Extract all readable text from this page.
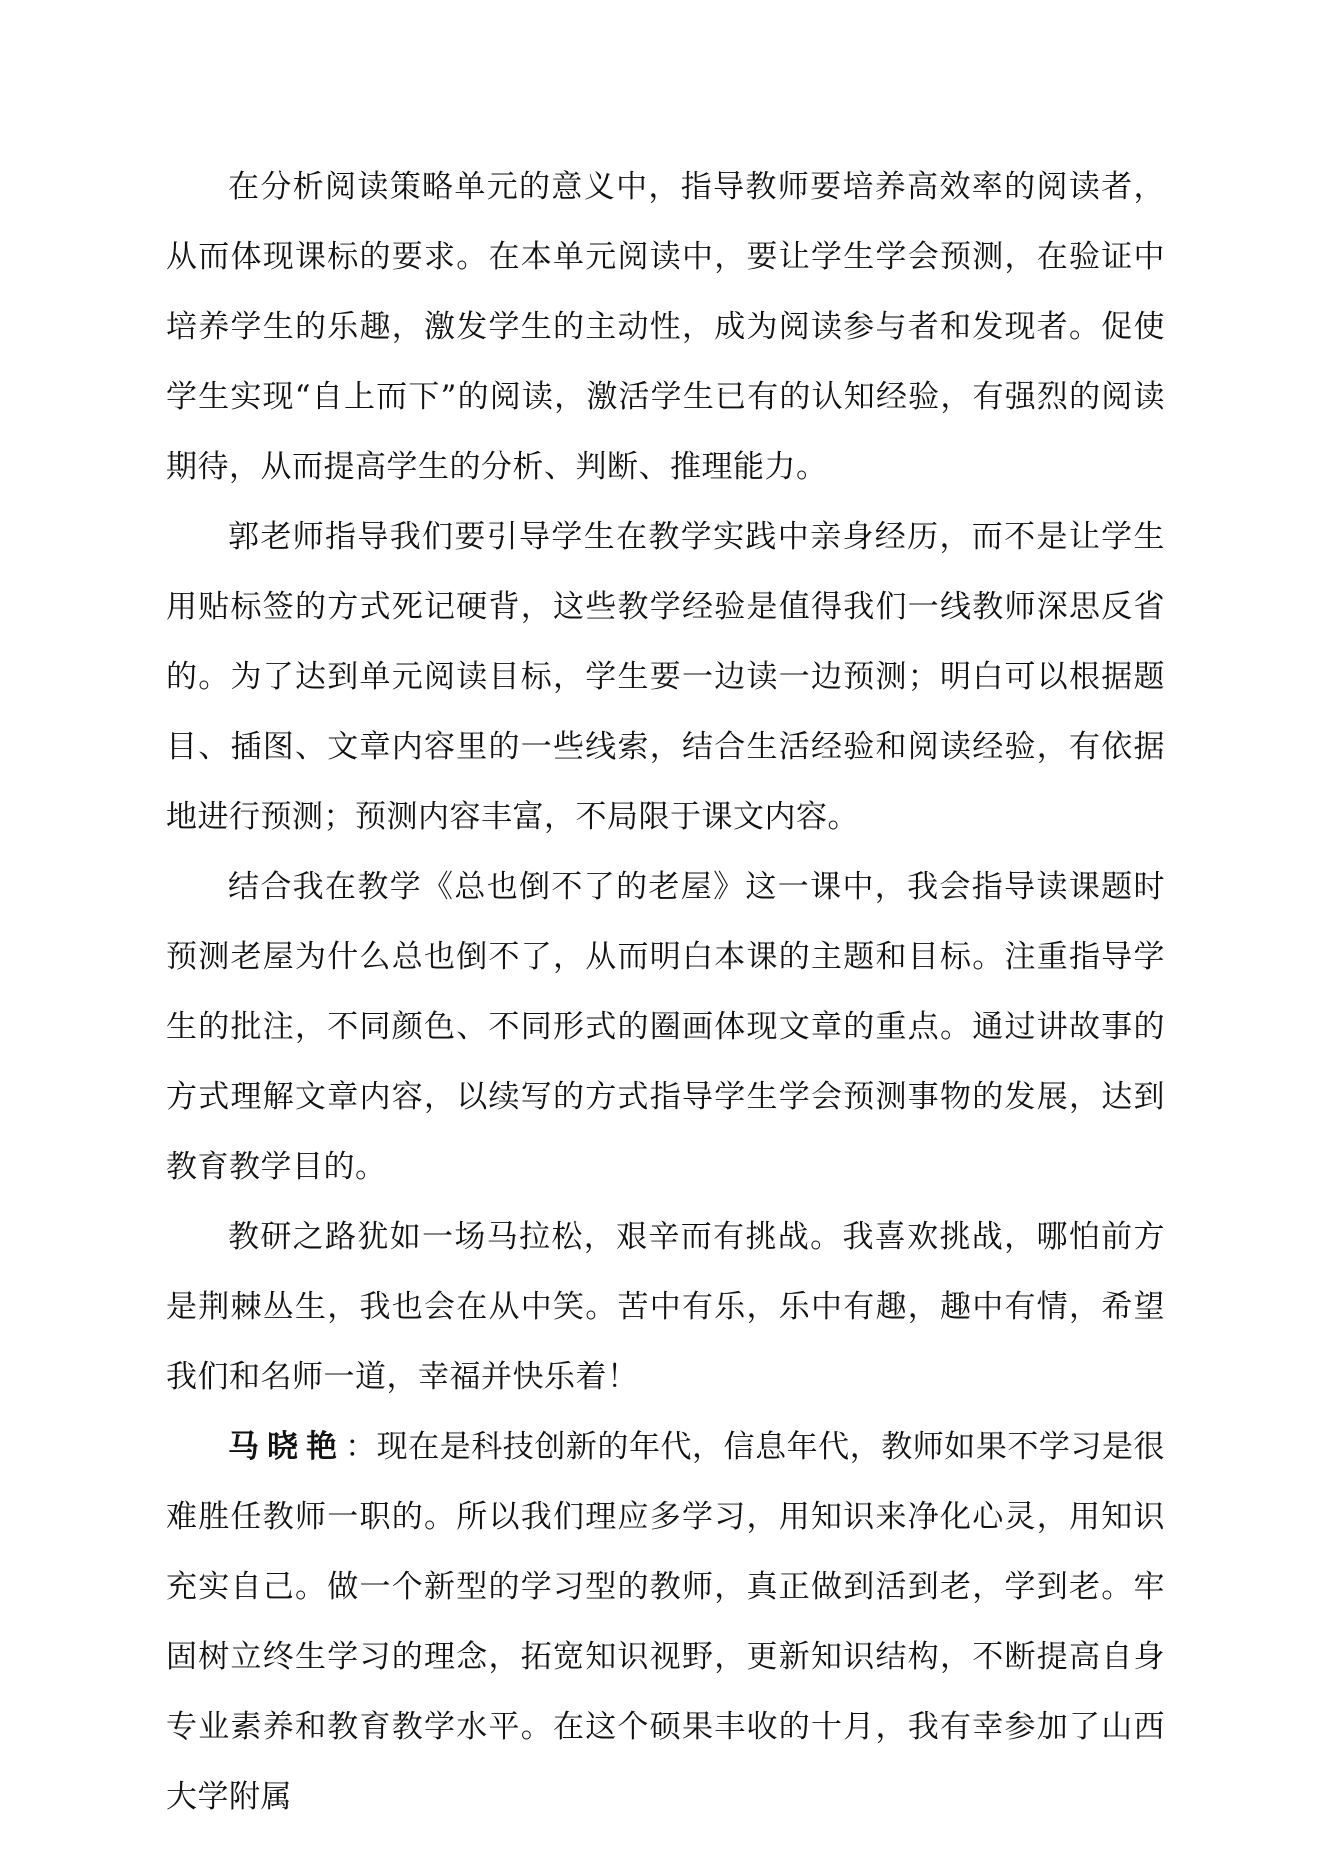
在分析阅读策略单元的意义中，指导教师要培养高效率的阅读者，从而体现课标的要求。在本单元阅读中，要让学生学会预测，在验证中培养学生的乐趣，激发学生的主动性，成为阅读参与者和发现者。促使学生实现“自上而下”的阅读，激活学生已有的认知经验，有强烈的阅读期待，从而提高学生的分析、判断、推理能力。

郭老师指导我们要引导学生在教学实践中亲身经历，而不是让学生用贴标签的方式死记硬背，这些教学经验是值得我们一线教师深思反省的。为了达到单元阅读目标，学生要一边读一边预测；明白可以根据题目、插图、文章内容里的一些线索，结合生活经验和阅读经验，有依据地进行预测；预测内容丰富，不局限于课文内容。

结合我在教学《总也倒不了的老屋》这一课中，我会指导读课题时预测老屋为什么总也倒不了，从而明白本课的主题和目标。注重指导学生的批注，不同颜色、不同形式的圈画体现文章的重点。通过讲故事的方式理解文章内容，以续写的方式指导学生学会预测事物的发展，达到教育教学目的。

教研之路犹如一场马拉松，艰辛而有挑战。我喜欢挑战，哪怕前方是荆棘丛生，我也会在从中笑。苦中有乐，乐中有趣，趣中有情，希望我们和名师一道，幸福并快乐着！

马晓艳：现在是科技创新的年代，信息年代，教师如果不学习是很难胜任教师一职的。所以我们理应多学习，用知识来净化心灵，用知识充实自己。做一个新型的学习型的教师，真正做到活到老，学到老。牢固树立终生学习的理念，拓宽知识视野，更新知识结构，不断提高自身专业素养和教育教学水平。在这个硕果丰收的十月，我有幸参加了山西大学附属
